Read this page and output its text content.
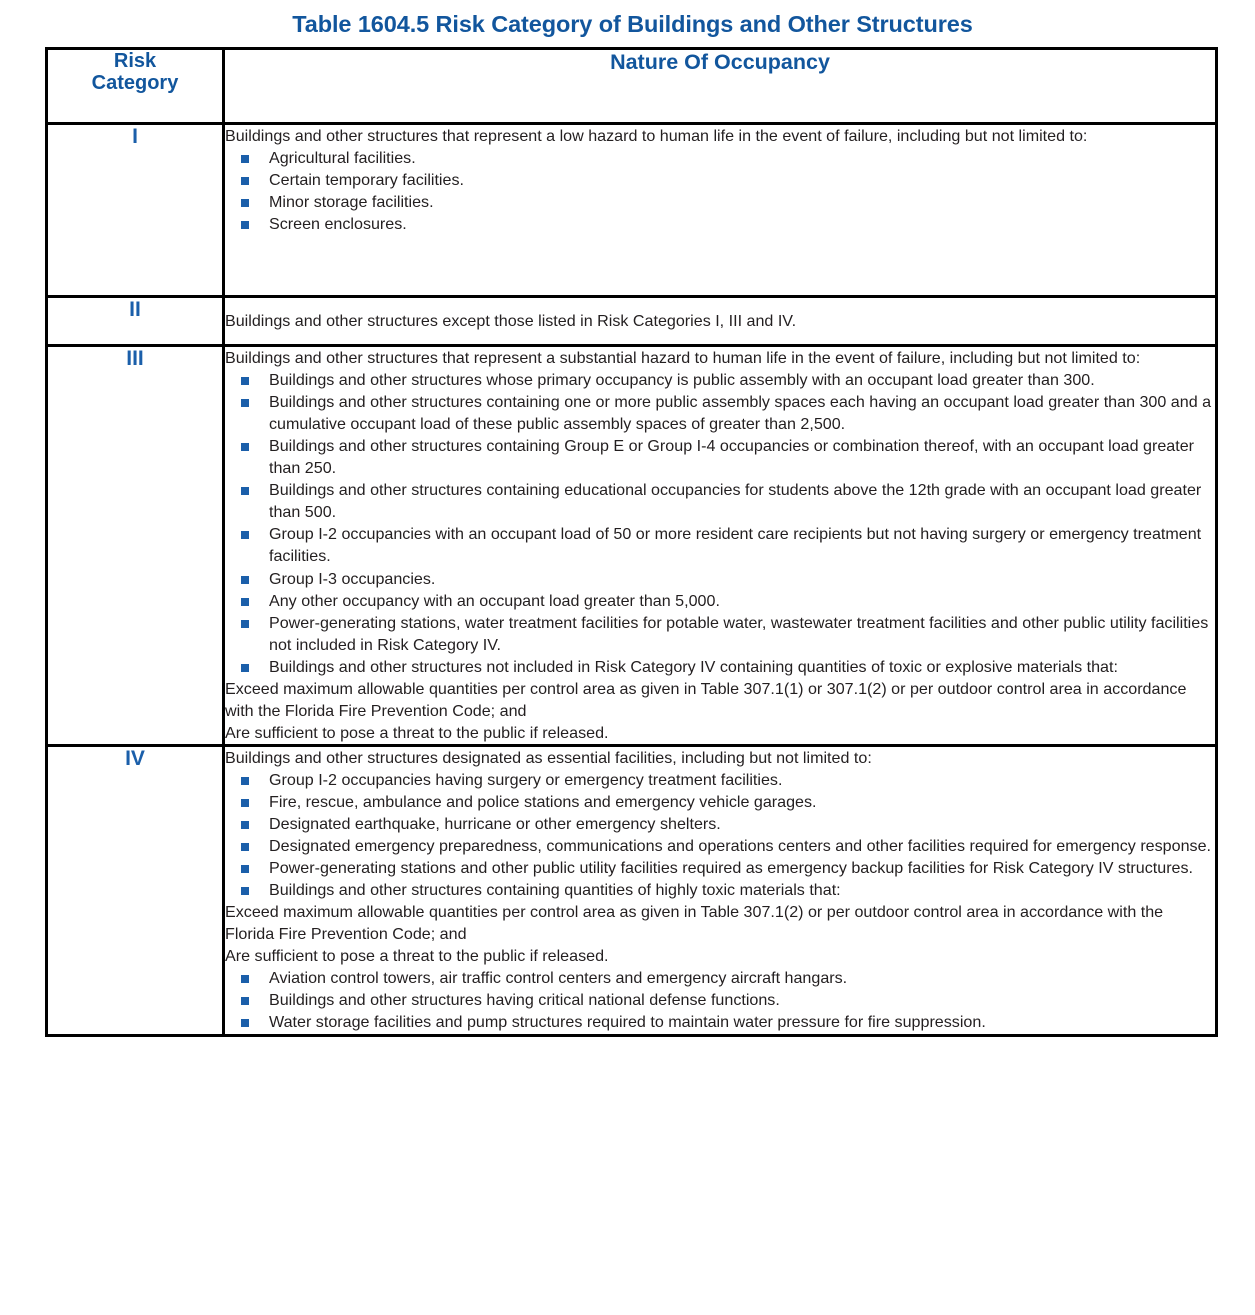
Table 1604.5 Risk Category of Buildings and Other Structures
Risk
Category	Nature Of Occupancy
I	Buildings and other structures that represent a low hazard to human life in the event of failure, including but not limited to:

Agricultural facilities.
Certain temporary facilities.
Minor storage facilities.
Screen enclosures.

II	Buildings and other structures except those listed in Risk Categories I, III and IV.

III	Buildings and other structures that represent a substantial hazard to human life in the event of failure, including but not limited to:

Buildings and other structures whose primary occupancy is public assembly with an occupant load greater than 300.
Buildings and other structures containing one or more public assembly spaces each having an occupant load greater than 300 and a cumulative occupant load of these public assembly spaces of greater than 2,500.
Buildings and other structures containing Group E or Group I-4 occupancies or combination thereof, with an occupant load greater than 250.
Buildings and other structures containing educational occupancies for students above the 12th grade with an occupant load greater than 500.
Group I-2 occupancies with an occupant load of 50 or more resident care recipients but not having surgery or emergency treatment facilities.
Group I-3 occupancies.
Any other occupancy with an occupant load greater than 5,000.
Power-generating stations, water treatment facilities for potable water, wastewater treatment facilities and other public utility facilities not included in Risk Category IV.
Buildings and other structures not included in Risk Category IV containing quantities of toxic or explosive materials that:

Exceed maximum allowable quantities per control area as given in Table 307.1(1) or 307.1(2) or per outdoor control area in accordance with the Florida Fire Prevention Code; and

Are sufficient to pose a threat to the public if released.

IV	Buildings and other structures designated as essential facilities, including but not limited to:

Group I-2 occupancies having surgery or emergency treatment facilities.
Fire, rescue, ambulance and police stations and emergency vehicle garages.
Designated earthquake, hurricane or other emergency shelters.
Designated emergency preparedness, communications and operations centers and other facilities required for emergency response.
Power-generating stations and other public utility facilities required as emergency backup facilities for Risk Category IV structures.
Buildings and other structures containing quantities of highly toxic materials that:

Exceed maximum allowable quantities per control area as given in Table 307.1(2) or per outdoor control area in accordance with the Florida Fire Prevention Code; and

Are sufficient to pose a threat to the public if released.

Aviation control towers, air traffic control centers and emergency aircraft hangars.
Buildings and other structures having critical national defense functions.
Water storage facilities and pump structures required to maintain water pressure for fire suppression.
